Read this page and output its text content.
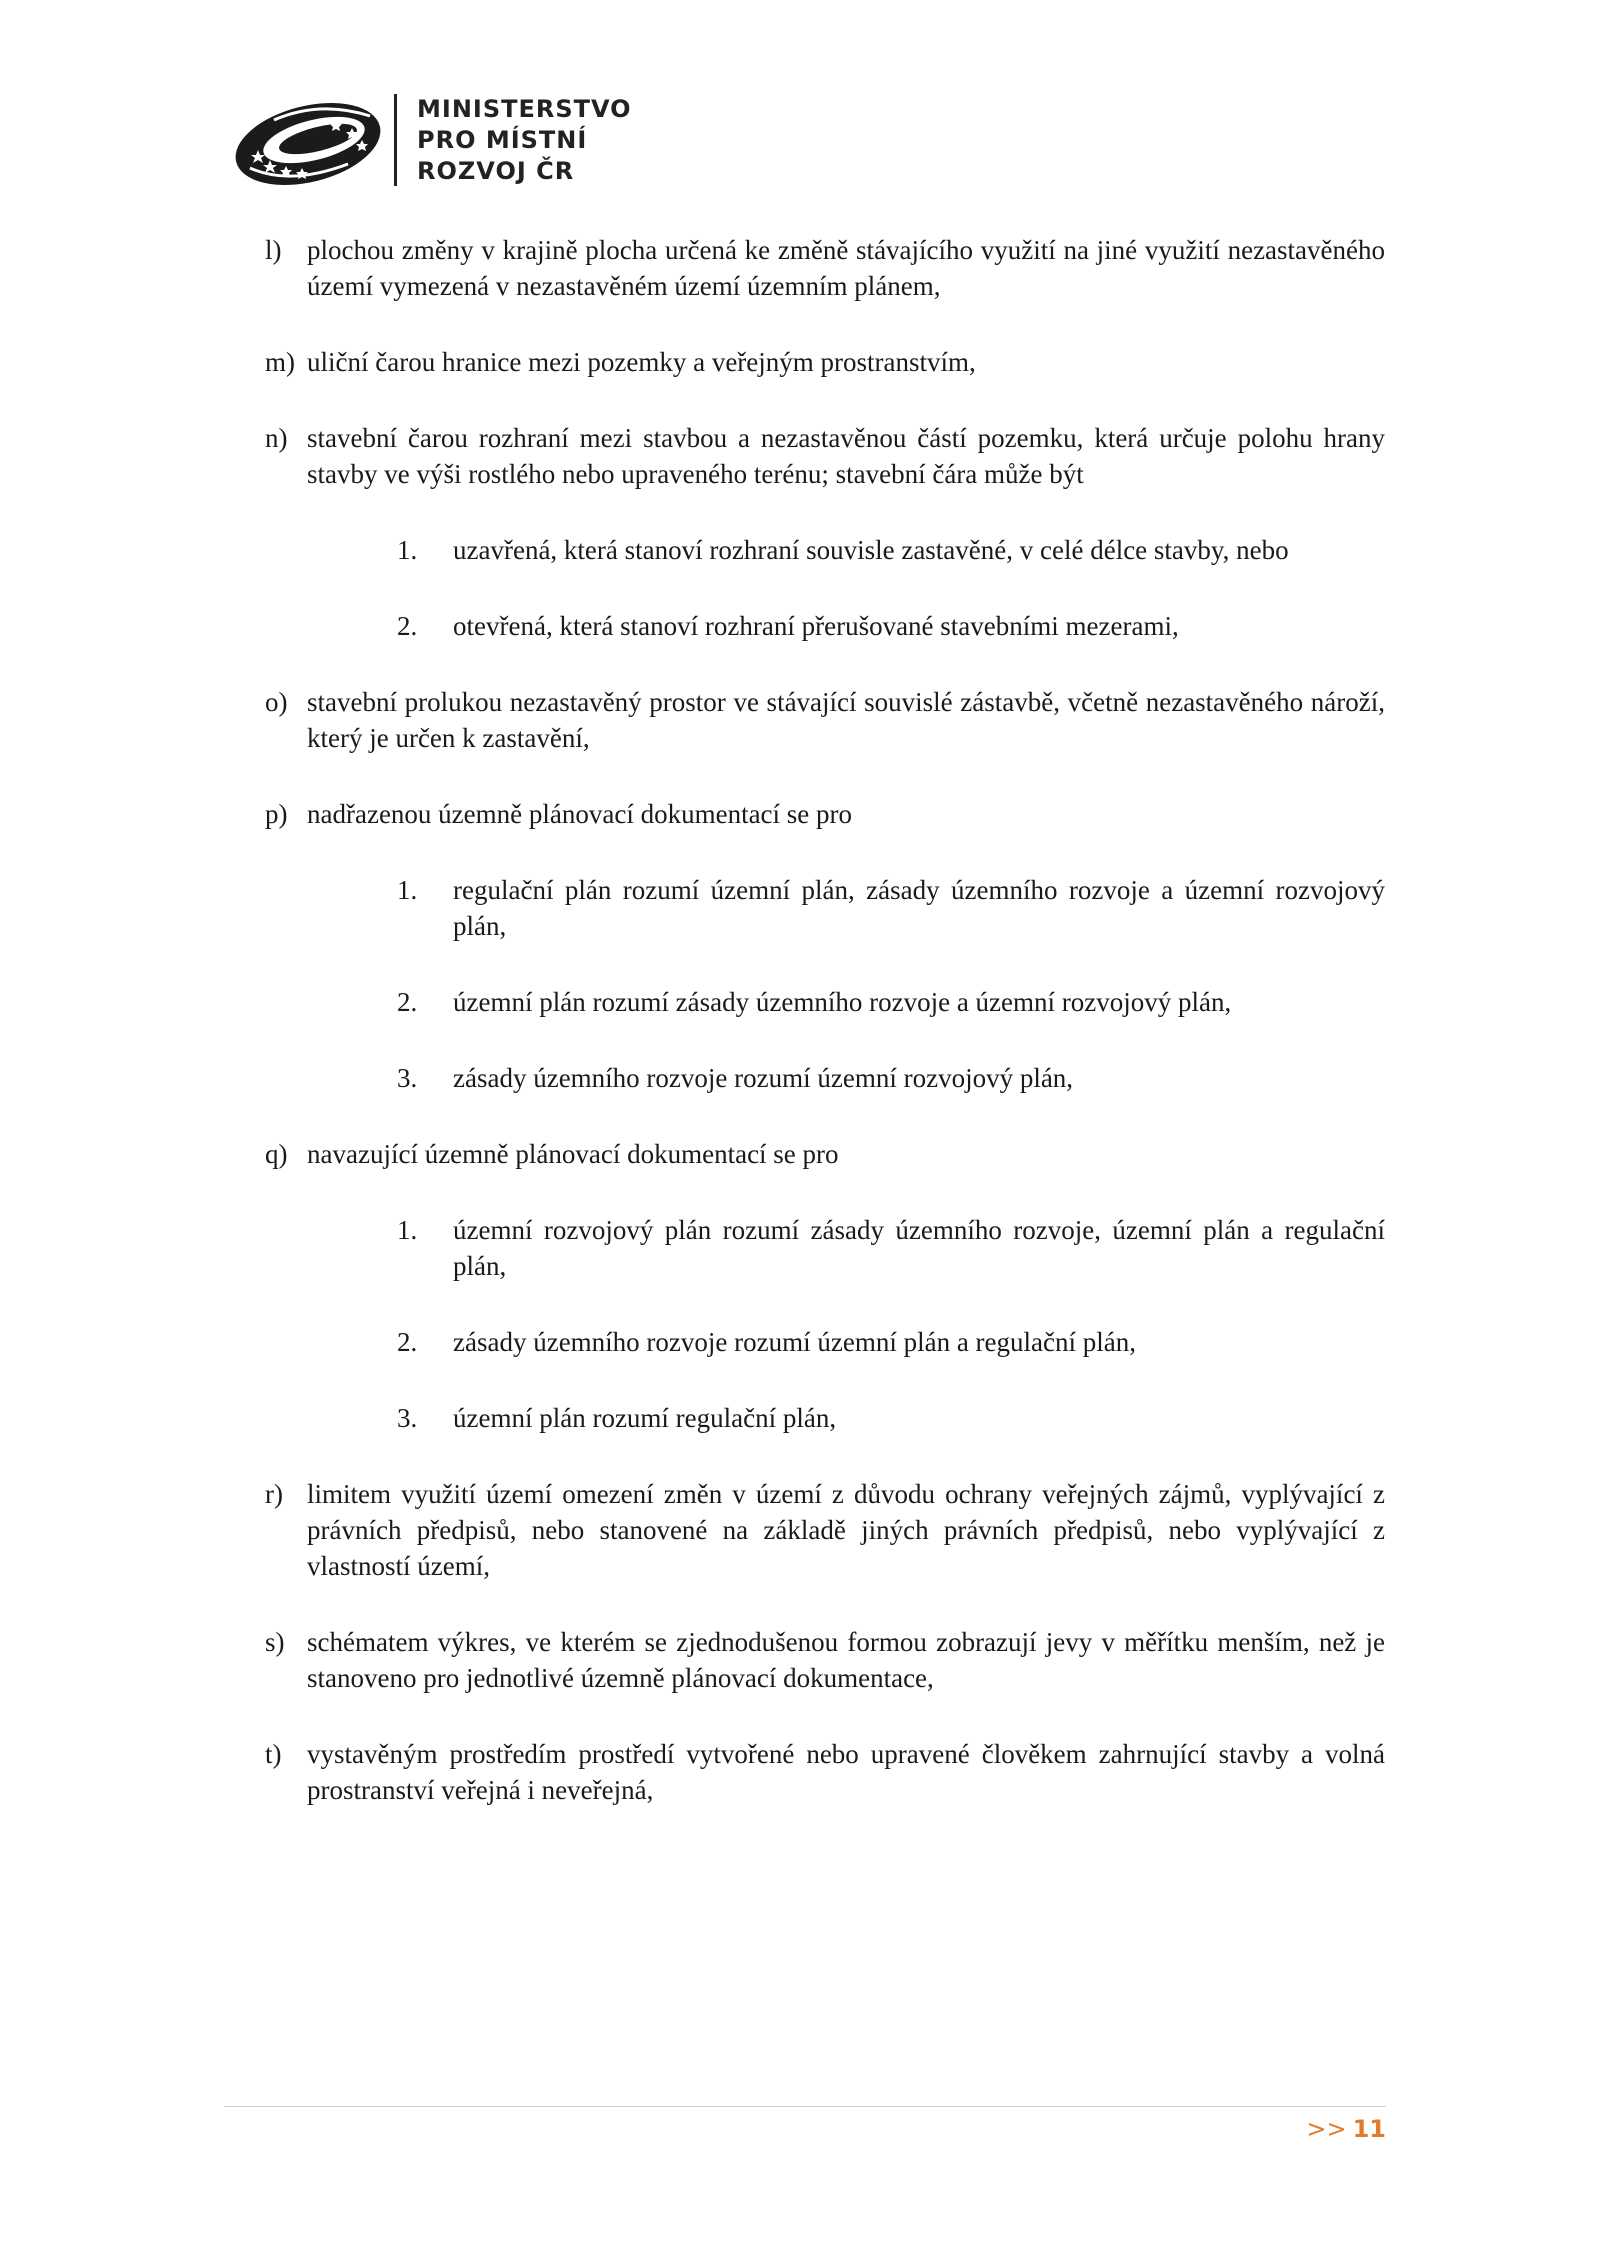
MINISTERSTVO
PRO MÍSTNÍ
ROZVOJ ČR
l) plochou změny v krajině plocha určená ke změně stávajícího využití na jiné využití nezastavěného území vymezená v nezastavěném území územním plánem,
m) uliční čarou hranice mezi pozemky a veřejným prostranstvím,
n) stavební čarou rozhraní mezi stavbou a nezastavěnou částí pozemku, která určuje polohu hrany stavby ve výši rostlého nebo upraveného terénu; stavební čára může být
1. uzavřená, která stanoví rozhraní souvisle zastavěné, v celé délce stavby, nebo
2. otevřená, která stanoví rozhraní přerušované stavebními mezerami,
o) stavební prolukou nezastavěný prostor ve stávající souvislé zástavbě, včetně nezastavěného nároží, který je určen k zastavění,
p) nadřazenou územně plánovací dokumentací se pro
1. regulační plán rozumí územní plán, zásady územního rozvoje a územní rozvojový plán,
2. územní plán rozumí zásady územního rozvoje a územní rozvojový plán,
3. zásady územního rozvoje rozumí územní rozvojový plán,
q) navazující územně plánovací dokumentací se pro
1. územní rozvojový plán rozumí zásady územního rozvoje, územní plán a regulační plán,
2. zásady územního rozvoje rozumí územní plán a regulační plán,
3. územní plán rozumí regulační plán,
r) limitem využití území omezení změn v území z důvodu ochrany veřejných zájmů, vyplývající z právních předpisů, nebo stanovené na základě jiných právních předpisů, nebo vyplývající z vlastností území,
s) schématem výkres, ve kterém se zjednodušenou formou zobrazují jevy v měřítku menším, než je stanoveno pro jednotlivé územně plánovací dokumentace,
t) vystavěným prostředím prostředí vytvořené nebo upravené člověkem zahrnující stavby a volná prostranství veřejná i neveřejná,
>> 11
